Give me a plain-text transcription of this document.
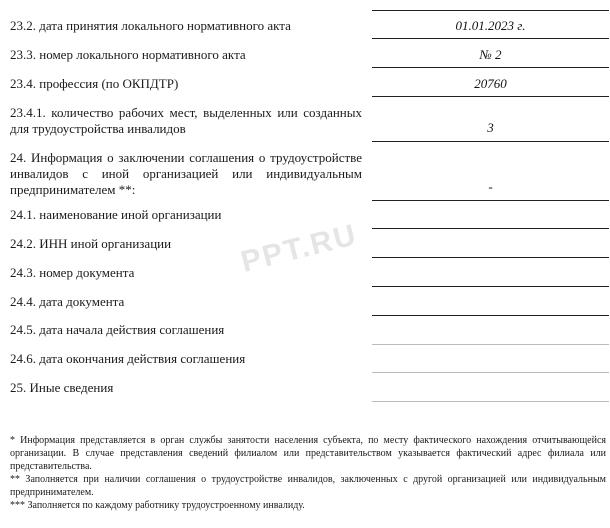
23.2. дата принятия локального нормативного акта	01.01.2023 г.
23.3. номер локального нормативного акта	№ 2
23.4. профессия (по ОКПДТР)	20760
23.4.1. количество рабочих мест, выделенных или созданных для трудоустройства инвалидов	3
24. Информация о заключении соглашения о трудоустройстве инвалидов с иной организацией или индивидуальным предпринимателем **:	-
24.1. наименование иной организации
24.2. ИНН иной организации
24.3. номер документа
24.4. дата документа
24.5. дата начала действия соглашения
24.6. дата окончания действия соглашения
25. Иные сведения
PPT.RU
* Информация представляется в орган службы занятости населения субъекта, по месту фактического нахождения отчитывающейся организации. В случае представления сведений филиалом или представительством указывается фактический адрес филиала или представительства.
** Заполняется при наличии соглашения о трудоустройстве инвалидов, заключенных с другой организацией или индивидуальным предпринимателем.
*** Заполняется по каждому работнику трудоустроенному инвалиду.
